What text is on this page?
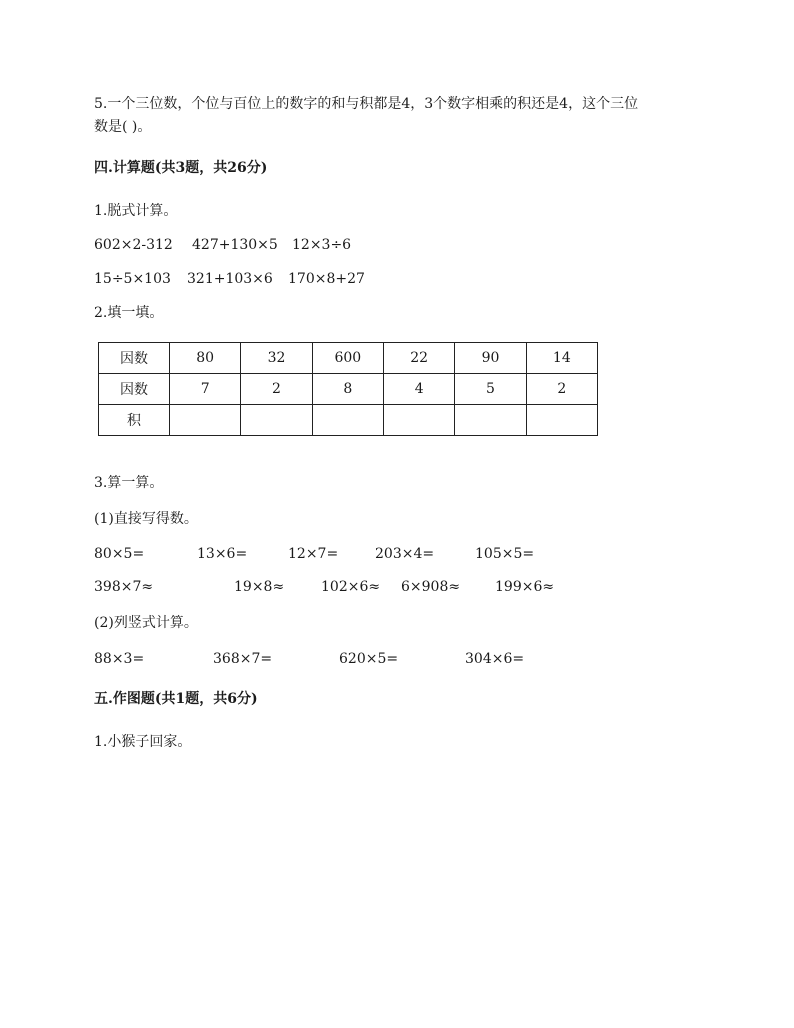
5.一个三位数，个位与百位上的数字的和与积都是4，3个数字相乘的积还是4，这个三位
数是( )。
四.计算题(共3题，共26分)
1.脱式计算。
602×2-312 427+130×5 12×3÷6
15÷5×103 321+103×6 170×8+27
2.填一填。
因数	80	32	600	22	90	14
因数	7	2	8	4	5	2
积						
3.算一算。
(1)直接写得数。
80×5=	13×6=	12×7=	203×4=	105×5=
398×7≈	19×8≈	102×6≈ 6×908≈ 199×6≈
(2)列竖式计算。
88×3=	368×7=	620×5=	304×6=
五.作图题(共1题，共6分)
1.小猴子回家。
